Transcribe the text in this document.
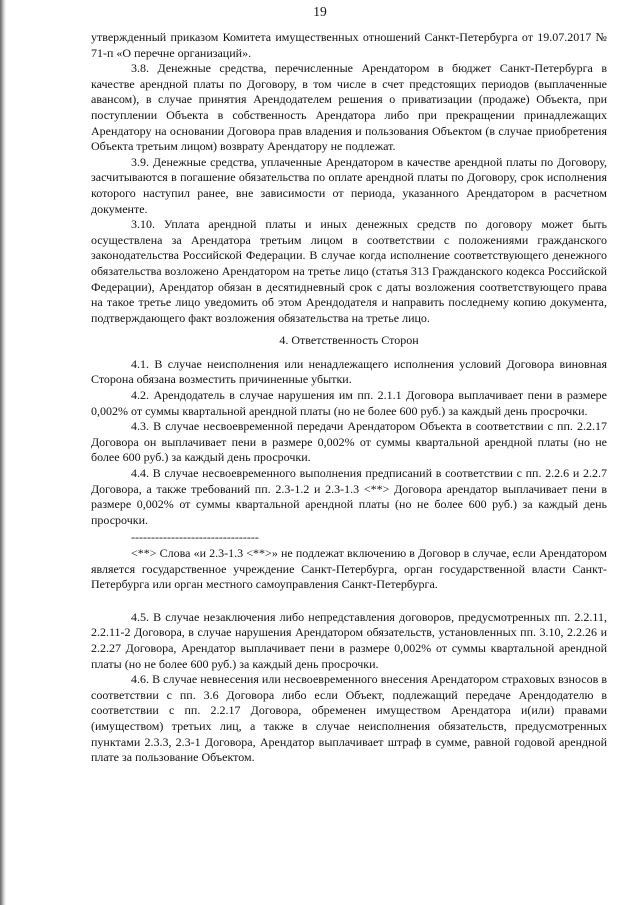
19

утвержденный приказом Комитета имущественных отношений Санкт-Петербурга от 19.07.2017 № 71-п «О перечне организаций».

3.8. Денежные средства, перечисленные Арендатором в бюджет Санкт-Петербурга в качестве арендной платы по Договору, в том числе в счет предстоящих периодов (выплаченные авансом), в случае принятия Арендодателем решения о приватизации (продаже) Объекта, при поступлении Объекта в собственность Арендатора либо при прекращении принадлежащих Арендатору на основании Договора прав владения и пользования Объектом (в случае приобретения Объекта третьим лицом) возврату Арендатору не подлежат.

3.9. Денежные средства, уплаченные Арендатором в качестве арендной платы по Договору, засчитываются в погашение обязательства по оплате арендной платы по Договору, срок исполнения которого наступил ранее, вне зависимости от периода, указанного Арендатором в расчетном документе.

3.10. Уплата арендной платы и иных денежных средств по договору может быть осуществлена за Арендатора третьим лицом в соответствии с положениями гражданского законодательства Российской Федерации. В случае когда исполнение соответствующего денежного обязательства возложено Арендатором на третье лицо (статья 313 Гражданского кодекса Российской Федерации), Арендатор обязан в десятидневный срок с даты возложения соответствующего права на такое третье лицо уведомить об этом Арендодателя и направить последнему копию документа, подтверждающего факт возложения обязательства на третье лицо.

4. Ответственность Сторон

4.1. В случае неисполнения или ненадлежащего исполнения условий Договора виновная Сторона обязана возместить причиненные убытки.

4.2. Арендодатель в случае нарушения им пп. 2.1.1 Договора выплачивает пени в размере 0,002% от суммы квартальной арендной платы (но не более 600 руб.) за каждый день просрочки.

4.3. В случае несвоевременной передачи Арендатором Объекта в соответствии с пп. 2.2.17 Договора он выплачивает пени в размере 0,002% от суммы квартальной арендной платы (но не более 600 руб.) за каждый день просрочки.

4.4. В случае несвоевременного выполнения предписаний в соответствии с пп. 2.2.6 и 2.2.7 Договора, а также требований пп. 2.3-1.2 и 2.3-1.3 <**> Договора арендатор выплачивает пени в размере 0,002% от суммы квартальной арендной платы (но не более 600 руб.) за каждый день просрочки.

--------------------------------

<**> Слова «и 2.3-1.3 <**>» не подлежат включению в Договор в случае, если Арендатором является государственное учреждение Санкт-Петербурга, орган государственной власти Санкт-Петербурга или орган местного самоуправления Санкт-Петербурга.

4.5. В случае незаключения либо непредставления договоров, предусмотренных пп. 2.2.11, 2.2.11-2 Договора, в случае нарушения Арендатором обязательств, установленных пп. 3.10, 2.2.26 и 2.2.27 Договора, Арендатор выплачивает пени в размере 0,002% от суммы квартальной арендной платы (но не более 600 руб.) за каждый день просрочки.

4.6. В случае невнесения или несвоевременного внесения Арендатором страховых взносов в соответствии с пп. 3.6 Договора либо если Объект, подлежащий передаче Арендодателю в соответствии с пп. 2.2.17 Договора, обременен имуществом Арендатора и(или) правами (имуществом) третьих лиц, а также в случае неисполнения обязательств, предусмотренных пунктами 2.3.3, 2.3-1 Договора, Арендатор выплачивает штраф в сумме, равной годовой арендной плате за пользование Объектом.
